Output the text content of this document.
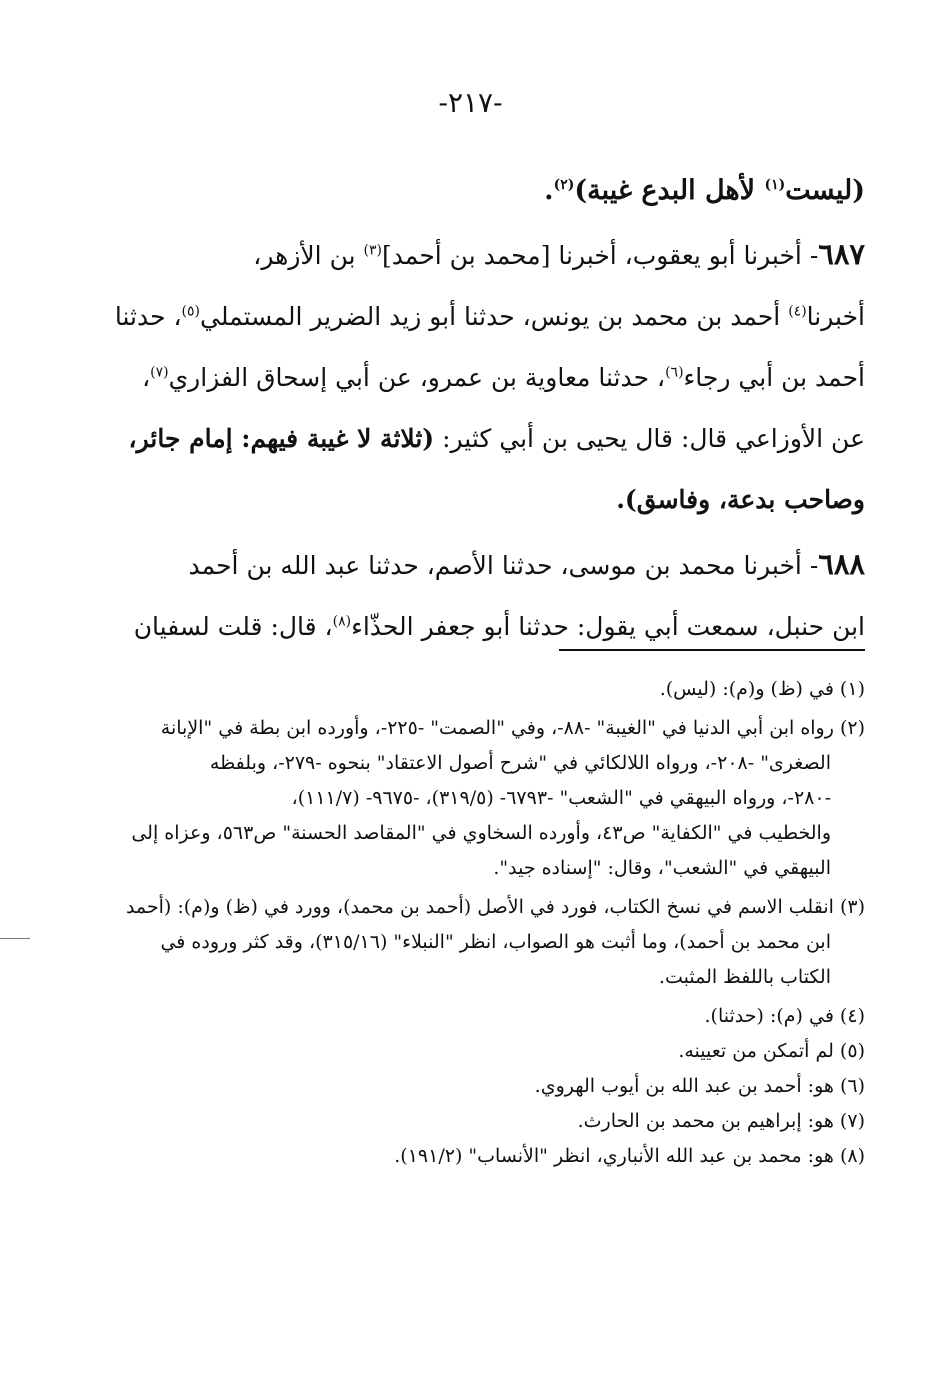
-٢١٧-
(ليست$^{(١)}$ لأهل البدع غيبة)$^{(٢)}$.
٦٨٧- أخبرنا أبو يعقوب، أخبرنا [محمد بن أحمد]$^{(٣)}$ بن الأزهر،
أخبرنا$^{(٤)}$ أحمد بن محمد بن يونس، حدثنا أبو زيد الضرير المستملي$^{(٥)}$، حدثنا
أحمد بن أبي رجاء$^{(٦)}$، حدثنا معاوية بن عمرو، عن أبي إسحاق الفزاري$^{(٧)}$،
عن الأوزاعي قال: قال يحيى بن أبي كثير: (ثلاثة لا غيبة فيهم: إمام جائر،
وصاحب بدعة، وفاسق).
٦٨٨- أخبرنا محمد بن موسى، حدثنا الأصم، حدثنا عبد الله بن أحمد
ابن حنبل، سمعت أبي يقول: حدثنا أبو جعفر الحذّاء$^{(٨)}$، قال: قلت لسفيان
(١) في (ظ) و(م): (ليس).
(٢) رواه ابن أبي الدنيا في "الغيبة" -٨٨-، وفي "الصمت" -٢٢٥-، وأورده ابن بطة في "الإبانة
الصغرى" -٢٠٨-، ورواه اللالكائي في "شرح أصول الاعتقاد" بنحوه -٢٧٩-، وبلفظه
-٢٨٠-، ورواه البيهقي في "الشعب" -٦٧٩٣- (٣١٩/٥)، -٩٦٧٥- (١١١/٧)،
والخطيب في "الكفاية" ص٤٣، وأورده السخاوي في "المقاصد الحسنة" ص٥٦٣، وعزاه إلى
البيهقي في "الشعب"، وقال: "إسناده جيد".
(٣) انقلب الاسم في نسخ الكتاب، فورد في الأصل (أحمد بن محمد)، وورد في (ظ) و(م): (أحمد
ابن محمد بن أحمد)، وما أثبت هو الصواب، انظر "النبلاء" (٣١٥/١٦)، وقد كثر وروده في
الكتاب باللفظ المثبت.
(٤) في (م): (حدثنا).
(٥) لم أتمكن من تعيينه.
(٦) هو: أحمد بن عبد الله بن أيوب الهروي.
(٧) هو: إبراهيم بن محمد بن الحارث.
(٨) هو: محمد بن عبد الله الأنباري، انظر "الأنساب" (١٩١/٢).
